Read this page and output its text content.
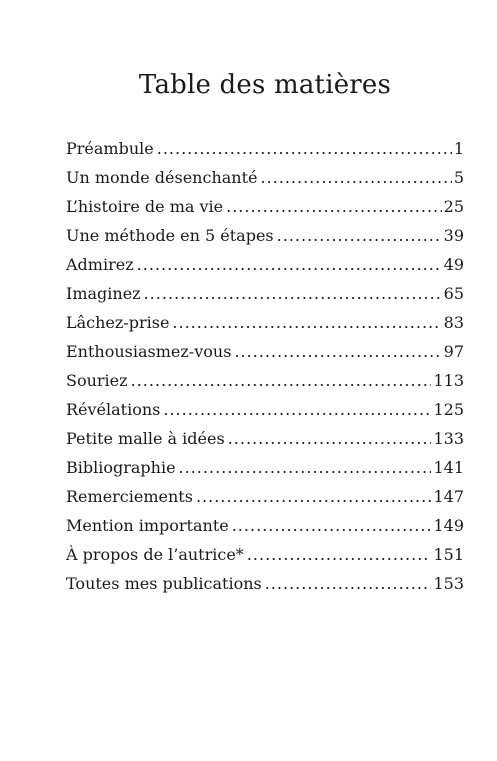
Table des matières
Préambule .....	1
Un monde désenchanté .....	5
L’histoire de ma vie .....	25
Une méthode en 5 étapes .....	39
Admirez .....	49
Imaginez .....	65
Lâchez-prise .....	83
Enthousiasmez-vous .....	97
Souriez .....	113
Révélations .....	125
Petite malle à idées .....	133
Bibliographie .....	141
Remerciements .....	147
Mention importante .....	149
À propos de l’autrice* .....	151
Toutes mes publications .....	153
